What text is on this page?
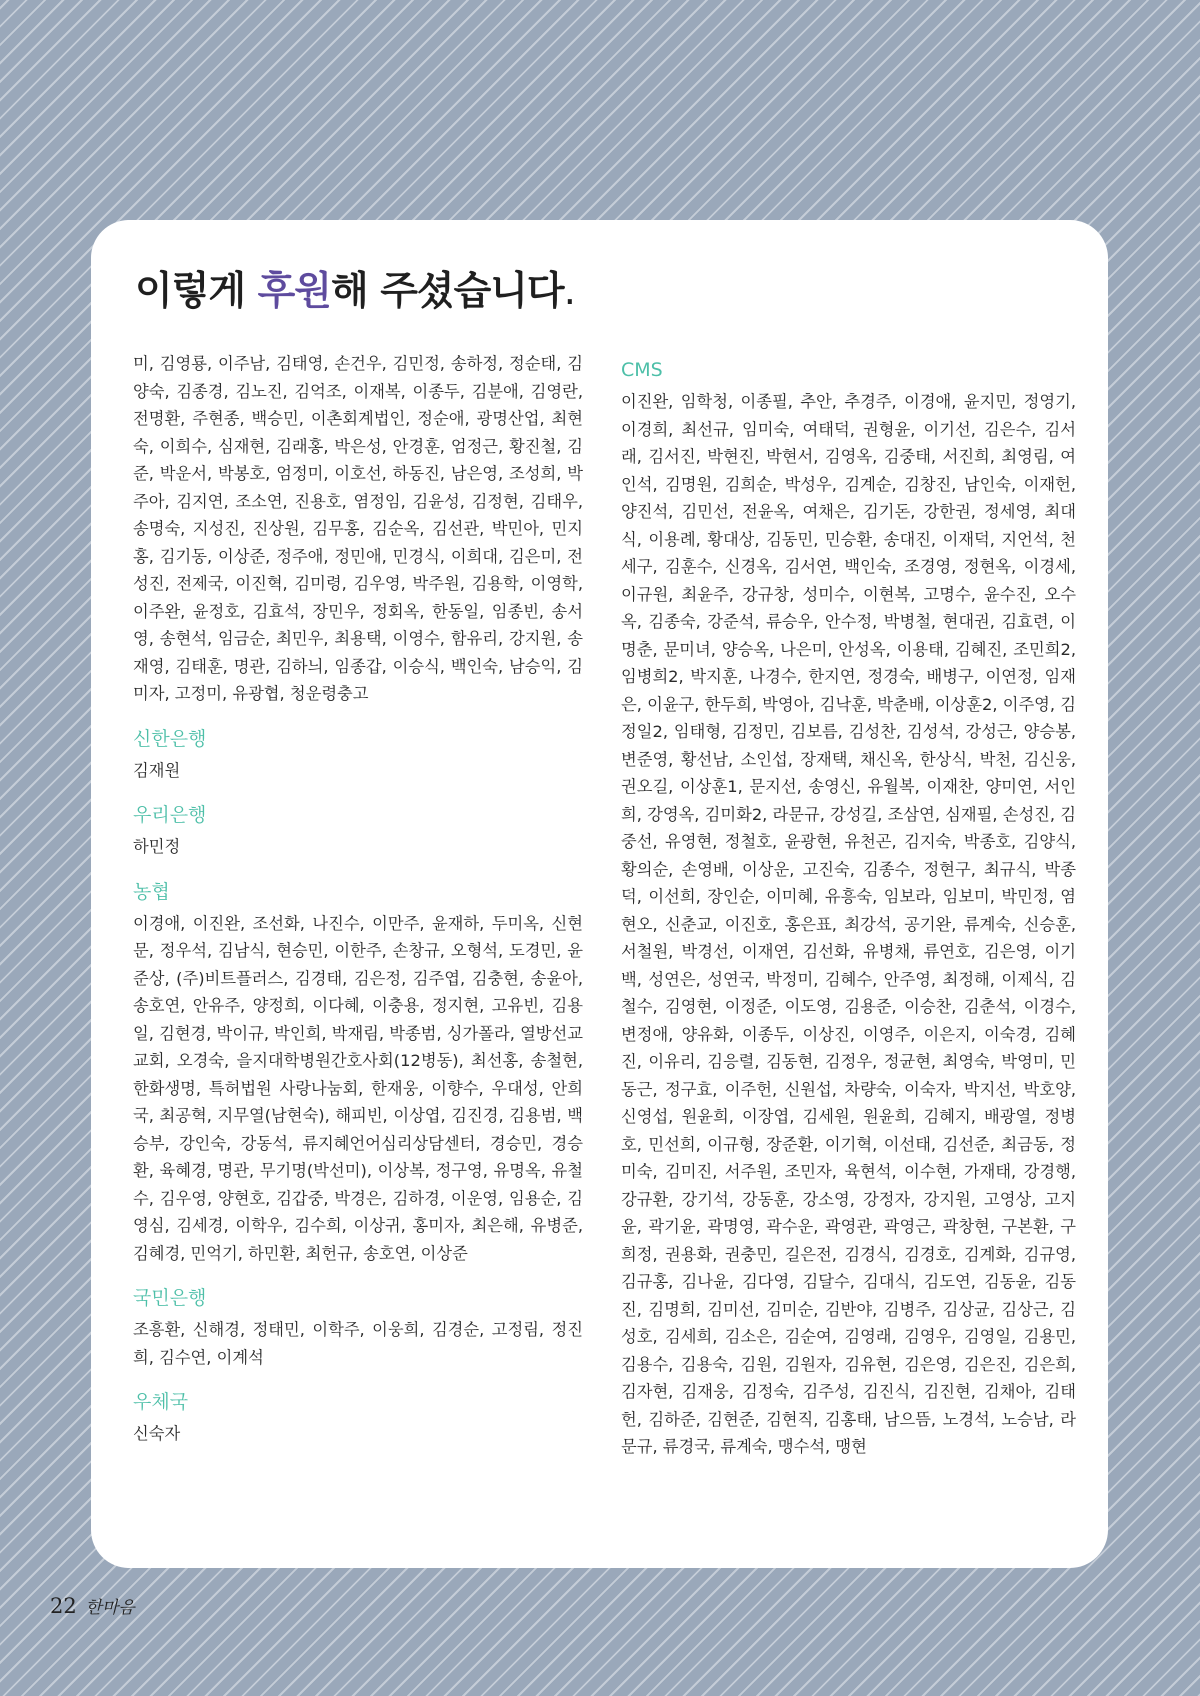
이렇게 후원해 주셨습니다.

미, 김영룡, 이주남, 김태영, 손건우, 김민정, 송하정, 정순태, 김양숙, 김종경, 김노진, 김억조, 이재복, 이종두, 김분애, 김영란, 전명환, 주현종, 백승민, 이촌회계법인, 정순애, 광명산업, 최현숙, 이희수, 심재현, 김래홍, 박은성, 안경훈, 엄정근, 황진철, 김준, 박운서, 박봉호, 엄정미, 이호선, 하동진, 남은영, 조성희, 박주아, 김지연, 조소연, 진용호, 염정임, 김윤성, 김정현, 김태우, 송명숙, 지성진, 진상원, 김무홍, 김순옥, 김선관, 박민아, 민지홍, 김기동, 이상준, 정주애, 정민애, 민경식, 이희대, 김은미, 전성진, 전제국, 이진혁, 김미령, 김우영, 박주원, 김용학, 이영학, 이주완, 윤정호, 김효석, 장민우, 정회옥, 한동일, 임종빈, 송서영, 송현석, 임금순, 최민우, 최용택, 이영수, 함유리, 강지원, 송재영, 김태훈, 명관, 김하늬, 임종갑, 이승식, 백인숙, 남승익, 김미자, 고정미, 유광협, 청운령충고

신한은행

김재원

우리은행

하민정

농협

이경애, 이진완, 조선화, 나진수, 이만주, 윤재하, 두미옥, 신현문, 정우석, 김남식, 현승민, 이한주, 손창규, 오형석, 도경민, 윤준상, (주)비트플러스, 김경태, 김은정, 김주엽, 김충현, 송윤아, 송호연, 안유주, 양정희, 이다혜, 이충용, 정지현, 고유빈, 김용일, 김현경, 박이규, 박인희, 박재림, 박종범, 싱가폴라, 열방선교교회, 오경숙, 을지대학병원간호사회(12병동), 최선홍, 송철현, 한화생명, 특허법원 사랑나눔회, 한재웅, 이향수, 우대성, 안희국, 최공혁, 지무열(남현숙), 해피빈, 이상엽, 김진경, 김용범, 백승부, 강인숙, 강동석, 류지혜언어심리상담센터, 경승민, 경승환, 육혜경, 명관, 무기명(박선미), 이상복, 정구영, 유명옥, 유철수, 김우영, 양현호, 김갑중, 박경은, 김하경, 이운영, 임용순, 김영심, 김세경, 이학우, 김수희, 이상귀, 홍미자, 최은해, 유병준, 김혜경, 민억기, 하민환, 최헌규, 송호연, 이상준

국민은행

조흥환, 신해경, 정태민, 이학주, 이웅희, 김경순, 고정림, 정진희, 김수연, 이계석

우체국

신숙자

CMS

이진완, 임학청, 이종필, 추안, 추경주, 이경애, 윤지민, 정영기, 이경희, 최선규, 임미숙, 여태덕, 권형윤, 이기선, 김은수, 김서래, 김서진, 박현진, 박현서, 김영옥, 김중태, 서진희, 최영림, 여인석, 김명원, 김희순, 박성우, 김계순, 김창진, 남인숙, 이재헌, 양진석, 김민선, 전윤옥, 여채은, 김기돈, 강한권, 정세영, 최대식, 이용례, 황대상, 김동민, 민승환, 송대진, 이재덕, 지언석, 천세구, 김훈수, 신경옥, 김서연, 백인숙, 조경영, 정현옥, 이경세, 이규원, 최윤주, 강규창, 성미수, 이현복, 고명수, 윤수진, 오수옥, 김종숙, 강준석, 류승우, 안수정, 박병철, 현대권, 김효련, 이명춘, 문미녀, 양승옥, 나은미, 안성옥, 이용태, 김혜진, 조민희2, 임병희2, 박지훈, 나경수, 한지연, 정경숙, 배병구, 이연정, 임재은, 이윤구, 한두희, 박영아, 김낙훈, 박춘배, 이상훈2, 이주영, 김정일2, 임태형, 김정민, 김보름, 김성찬, 김성석, 강성근, 양승봉, 변준영, 황선남, 소인섭, 장재택, 채신옥, 한상식, 박천, 김신웅, 권오길, 이상훈1, 문지선, 송영신, 유월복, 이재찬, 양미연, 서인희, 강영옥, 김미화2, 라문규, 강성길, 조삼연, 심재필, 손성진, 김중선, 유영현, 정철호, 윤광현, 유천곤, 김지숙, 박종호, 김양식, 황의순, 손영배, 이상운, 고진숙, 김종수, 정현구, 최규식, 박종덕, 이선희, 장인순, 이미혜, 유흥숙, 임보라, 임보미, 박민정, 염현오, 신춘교, 이진호, 홍은표, 최강석, 공기완, 류계숙, 신승훈, 서철원, 박경선, 이재연, 김선화, 유병채, 류연호, 김은영, 이기백, 성연은, 성연국, 박정미, 김혜수, 안주영, 최정해, 이제식, 김철수, 김영현, 이정준, 이도영, 김용준, 이승찬, 김춘석, 이경수, 변정애, 양유화, 이종두, 이상진, 이영주, 이은지, 이숙경, 김혜진, 이유리, 김응렬, 김동현, 김정우, 정균현, 최영숙, 박영미, 민동근, 정구효, 이주헌, 신원섭, 차량숙, 이숙자, 박지선, 박호양, 신영섭, 원윤희, 이장엽, 김세원, 원윤희, 김혜지, 배광열, 정병호, 민선희, 이규형, 장준환, 이기혁, 이선태, 김선준, 최금동, 정미숙, 김미진, 서주원, 조민자, 육현석, 이수현, 가재태, 강경행, 강규환, 강기석, 강동훈, 강소영, 강정자, 강지원, 고영상, 고지윤, 곽기윤, 곽명영, 곽수운, 곽영관, 곽영근, 곽창현, 구본환, 구희정, 권용화, 권충민, 길은전, 김경식, 김경호, 김계화, 김규영, 김규홍, 김나윤, 김다영, 김달수, 김대식, 김도연, 김동윤, 김동진, 김명희, 김미선, 김미순, 김반야, 김병주, 김상균, 김상근, 김성호, 김세희, 김소은, 김순여, 김영래, 김영우, 김영일, 김용민, 김용수, 김용숙, 김원, 김원자, 김유현, 김은영, 김은진, 김은희, 김자현, 김재웅, 김정숙, 김주성, 김진식, 김진현, 김채아, 김태헌, 김하준, 김현준, 김현직, 김홍태, 남으뜸, 노경석, 노승남, 라문규, 류경국, 류계숙, 맹수석, 맹현

22 한마음
